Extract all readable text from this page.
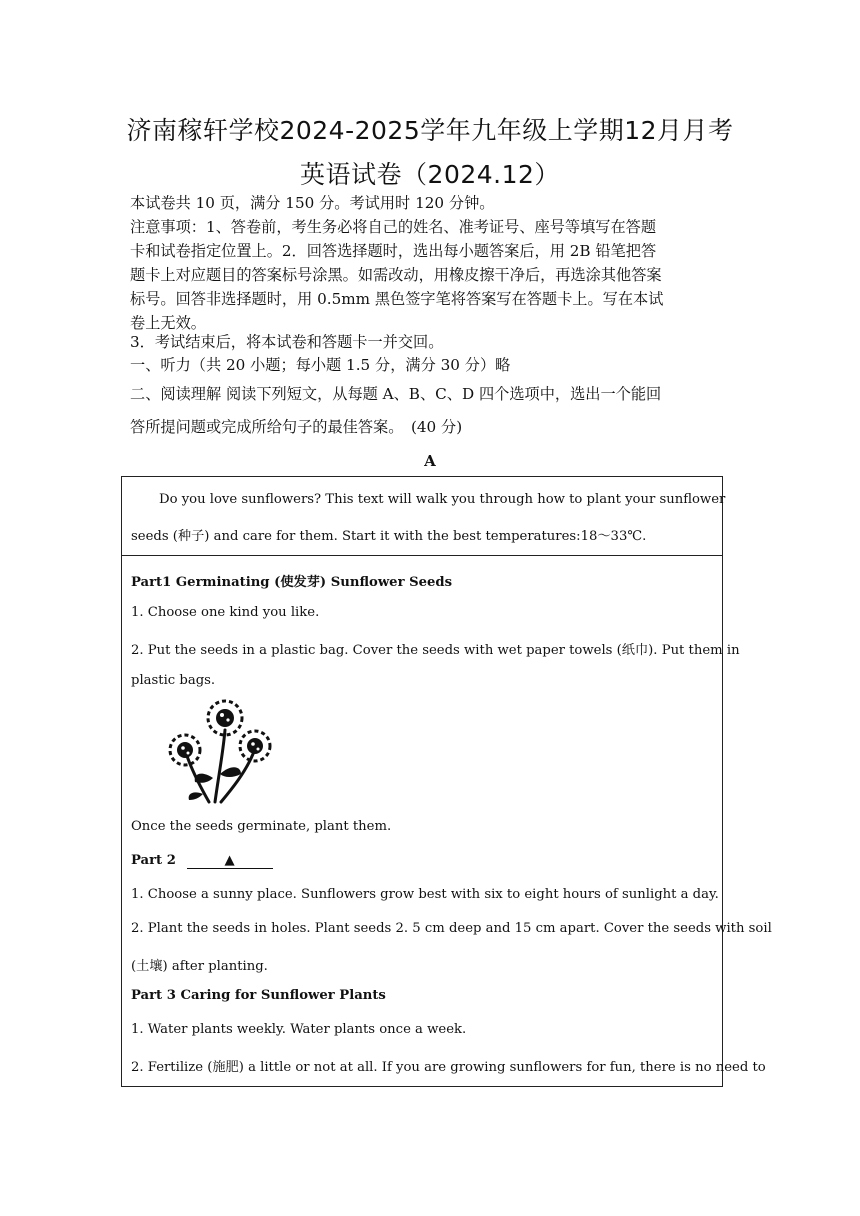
济南稼轩学校2024-2025学年九年级上学期12月月考
英语试卷（2024.12）
本试卷共 10 页，满分 150 分。考试用时 120 分钟。
注意事项：1、答卷前，考生务必将自己的姓名、准考证号、座号等填写在答题
卡和试卷指定位置上。2．回答选择题时，选出每小题答案后，用 2B 铅笔把答
题卡上对应题目的答案标号涂黑。如需改动，用橡皮擦干净后，再选涂其他答案
标号。回答非选择题时，用 0.5mm 黑色签字笔将答案写在答题卡上。写在本试
卷上无效。
3．考试结束后，将本试卷和答题卡一并交回。
一、听力（共 20 小题；每小题 1.5 分，满分 30 分）略
二、阅读理解 阅读下列短文，从每题 A、B、C、D 四个选项中，选出一个能回
答所提问题或完成所给句子的最佳答案。　(40 分)
A
Do you love sunflowers? This text will walk you through how to plant your sunflower
seeds (种子) and care for them. Start it with the best temperatures:18～33℃.
Part1 Germinating (使发芽) Sunflower Seeds
1. Choose one kind you like.
2. Put the seeds in a plastic bag. Cover the seeds with wet paper towels (纸巾). Put them in
plastic bags.
Once the seeds germinate, plant them.
Part 2	▲
1. Choose a sunny place. Sunflowers grow best with six to eight hours of sunlight a day.
2. Plant the seeds in holes. Plant seeds 2. 5 cm deep and 15 cm apart. Cover the seeds with soil
(土壤) after planting.
Part 3 Caring for Sunflower Plants
1. Water plants weekly. Water plants once a week.
2. Fertilize (施肥) a little or not at all. If you are growing sunflowers for fun, there is no need to
